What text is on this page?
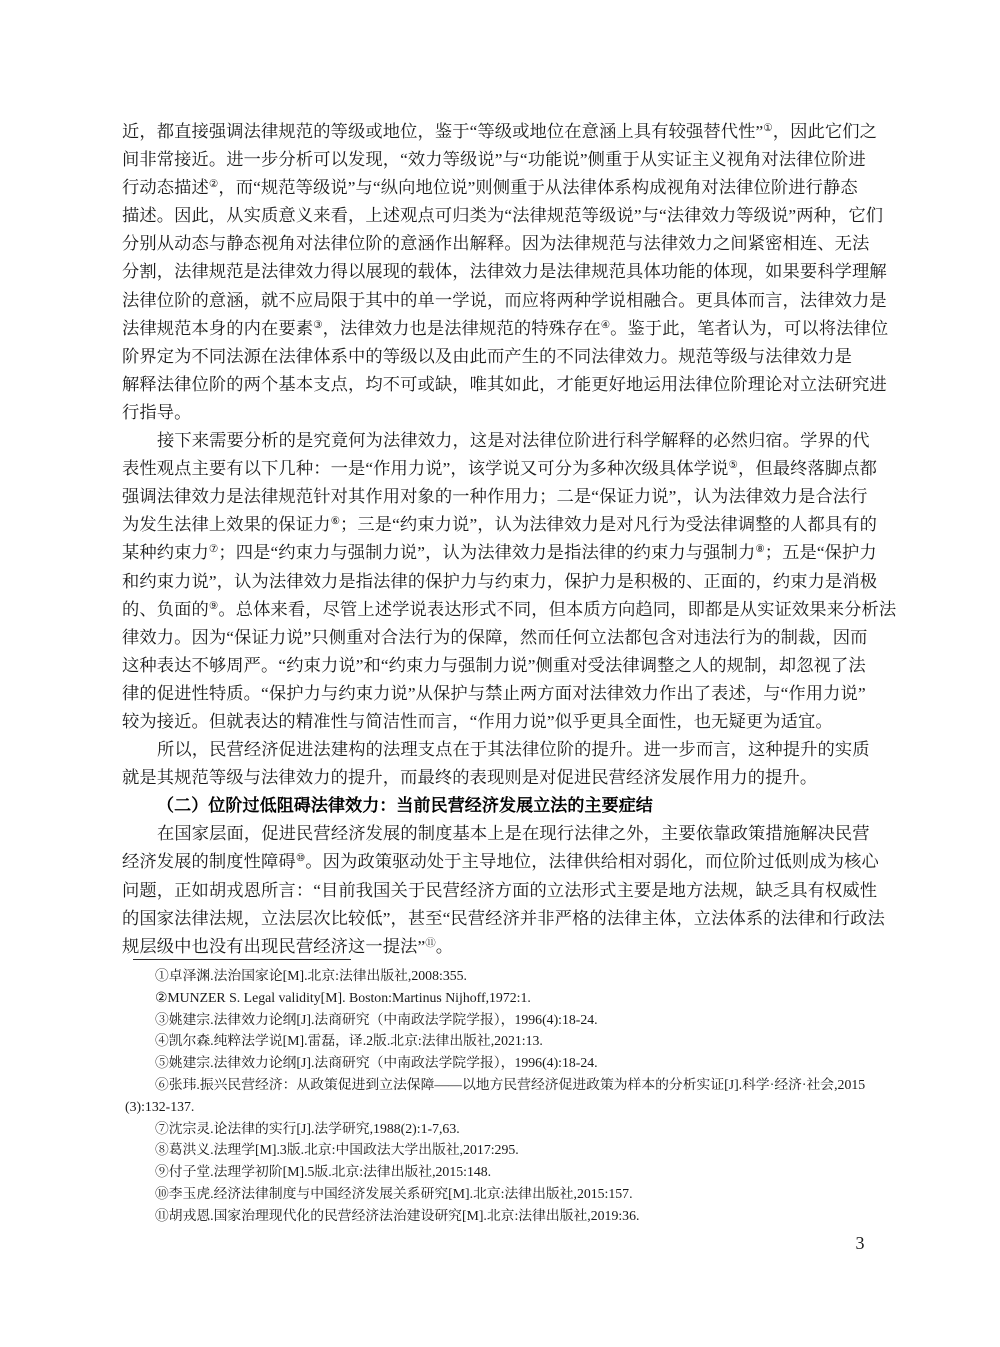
近，都直接强调法律规范的等级或地位，鉴于“等级或地位在意涵上具有较强替代性”①，因此它们之
间非常接近。进一步分析可以发现，“效力等级说”与“功能说”侧重于从实证主义视角对法律位阶进
行动态描述②，而“规范等级说”与“纵向地位说”则侧重于从法律体系构成视角对法律位阶进行静态
描述。因此，从实质意义来看，上述观点可归类为“法律规范等级说”与“法律效力等级说”两种，它们
分别从动态与静态视角对法律位阶的意涵作出解释。因为法律规范与法律效力之间紧密相连、无法
分割，法律规范是法律效力得以展现的载体，法律效力是法律规范具体功能的体现，如果要科学理解
法律位阶的意涵，就不应局限于其中的单一学说，而应将两种学说相融合。更具体而言，法律效力是
法律规范本身的内在要素③，法律效力也是法律规范的特殊存在④。鉴于此，笔者认为，可以将法律位
阶界定为不同法源在法律体系中的等级以及由此而产生的不同法律效力。规范等级与法律效力是
解释法律位阶的两个基本支点，均不可或缺，唯其如此，才能更好地运用法律位阶理论对立法研究进
行指导。
接下来需要分析的是究竟何为法律效力，这是对法律位阶进行科学解释的必然归宿。学界的代
表性观点主要有以下几种：一是“作用力说”，该学说又可分为多种次级具体学说⑤，但最终落脚点都
强调法律效力是法律规范针对其作用对象的一种作用力；二是“保证力说”，认为法律效力是合法行
为发生法律上效果的保证力⑥；三是“约束力说”，认为法律效力是对凡行为受法律调整的人都具有的
某种约束力⑦；四是“约束力与强制力说”，认为法律效力是指法律的约束力与强制力⑧；五是“保护力
和约束力说”，认为法律效力是指法律的保护力与约束力，保护力是积极的、正面的，约束力是消极
的、负面的⑨。总体来看，尽管上述学说表达形式不同，但本质方向趋同，即都是从实证效果来分析法
律效力。因为“保证力说”只侧重对合法行为的保障，然而任何立法都包含对违法行为的制裁，因而
这种表达不够周严。“约束力说”和“约束力与强制力说”侧重对受法律调整之人的规制，却忽视了法
律的促进性特质。“保护力与约束力说”从保护与禁止两方面对法律效力作出了表述，与“作用力说”
较为接近。但就表达的精准性与简洁性而言，“作用力说”似乎更具全面性，也无疑更为适宜。
所以，民营经济促进法建构的法理支点在于其法律位阶的提升。进一步而言，这种提升的实质
就是其规范等级与法律效力的提升，而最终的表现则是对促进民营经济发展作用力的提升。
（二）位阶过低阻碍法律效力：当前民营经济发展立法的主要症结
在国家层面，促进民营经济发展的制度基本上是在现行法律之外，主要依靠政策措施解决民营
经济发展的制度性障碍⑩。因为政策驱动处于主导地位，法律供给相对弱化，而位阶过低则成为核心
问题，正如胡戎恩所言：“目前我国关于民营经济方面的立法形式主要是地方法规，缺乏具有权威性
的国家法律法规，立法层次比较低”，甚至“民营经济并非严格的法律主体，立法体系的法律和行政法
规层级中也没有出现民营经济这一提法”⑪。
①卓泽渊.法治国家论[M].北京:法律出版社,2008:355.
②MUNZER S. Legal validity[M]. Boston:Martinus Nijhoff,1972:1.
③姚建宗.法律效力论纲[J].法商研究（中南政法学院学报），1996(4):18-24.
④凯尔森.纯粹法学说[M].雷磊，译.2版.北京:法律出版社,2021:13.
⑤姚建宗.法律效力论纲[J].法商研究（中南政法学院学报），1996(4):18-24.
⑥张玮.振兴民营经济：从政策促进到立法保障——以地方民营经济促进政策为样本的分析实证[J].科学·经济·社会,2015
(3):132-137.
⑦沈宗灵.论法律的实行[J].法学研究,1988(2):1-7,63.
⑧葛洪义.法理学[M].3版.北京:中国政法大学出版社,2017:295.
⑨付子堂.法理学初阶[M].5版.北京:法律出版社,2015:148.
⑩李玉虎.经济法律制度与中国经济发展关系研究[M].北京:法律出版社,2015:157.
⑪胡戎恩.国家治理现代化的民营经济法治建设研究[M].北京:法律出版社,2019:36.
3
